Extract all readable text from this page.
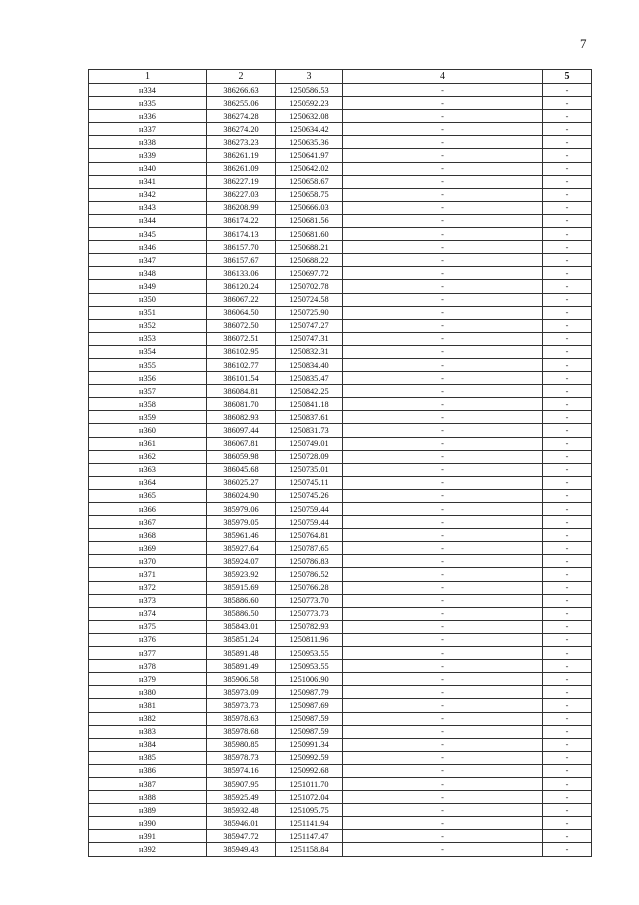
7
1	2	3	4	5
н334	386266.63	1250586.53	-	-
н335	386255.06	1250592.23	-	-
н336	386274.28	1250632.08	-	-
н337	386274.20	1250634.42	-	-
н338	386273.23	1250635.36	-	-
н339	386261.19	1250641.97	-	-
н340	386261.09	1250642.02	-	-
н341	386227.19	1250658.67	-	-
н342	386227.03	1250658.75	-	-
н343	386208.99	1250666.03	-	-
н344	386174.22	1250681.56	-	-
н345	386174.13	1250681.60	-	-
н346	386157.70	1250688.21	-	-
н347	386157.67	1250688.22	-	-
н348	386133.06	1250697.72	-	-
н349	386120.24	1250702.78	-	-
н350	386067.22	1250724.58	-	-
н351	386064.50	1250725.90	-	-
н352	386072.50	1250747.27	-	-
н353	386072.51	1250747.31	-	-
н354	386102.95	1250832.31	-	-
н355	386102.77	1250834.40	-	-
н356	386101.54	1250835.47	-	-
н357	386084.81	1250842.25	-	-
н358	386081.70	1250841.18	-	-
н359	386082.93	1250837.61	-	-
н360	386097.44	1250831.73	-	-
н361	386067.81	1250749.01	-	-
н362	386059.98	1250728.09	-	-
н363	386045.68	1250735.01	-	-
н364	386025.27	1250745.11	-	-
н365	386024.90	1250745.26	-	-
н366	385979.06	1250759.44	-	-
н367	385979.05	1250759.44	-	-
н368	385961.46	1250764.81	-	-
н369	385927.64	1250787.65	-	-
н370	385924.07	1250786.83	-	-
н371	385923.92	1250786.52	-	-
н372	385915.69	1250766.28	-	-
н373	385886.60	1250773.70	-	-
н374	385886.50	1250773.73	-	-
н375	385843.01	1250782.93	-	-
н376	385851.24	1250811.96	-	-
н377	385891.48	1250953.55	-	-
н378	385891.49	1250953.55	-	-
н379	385906.58	1251006.90	-	-
н380	385973.09	1250987.79	-	-
н381	385973.73	1250987.69	-	-
н382	385978.63	1250987.59	-	-
н383	385978.68	1250987.59	-	-
н384	385980.85	1250991.34	-	-
н385	385978.73	1250992.59	-	-
н386	385974.16	1250992.68	-	-
н387	385907.95	1251011.70	-	-
н388	385925.49	1251072.04	-	-
н389	385932.48	1251095.75	-	-
н390	385946.01	1251141.94	-	-
н391	385947.72	1251147.47	-	-
н392	385949.43	1251158.84	-	-
